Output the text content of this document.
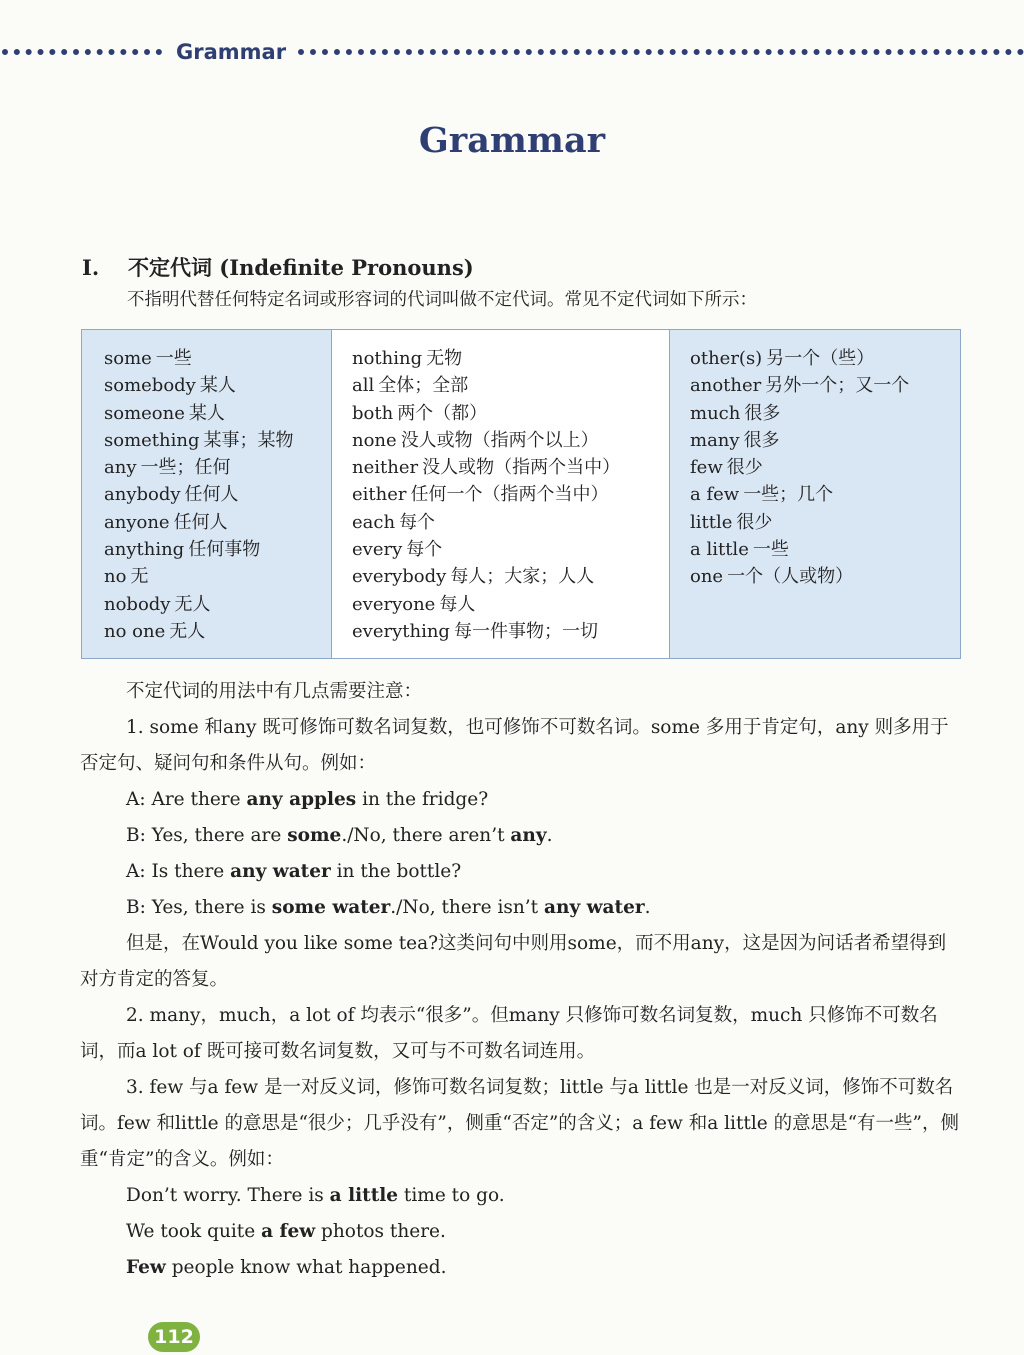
Grammar
Grammar
I. 不定代词 (Indefinite Pronouns)

不指明代替任何特定名词或形容词的代词叫做不定代词。常见不定代词如下所示：

some 一些
somebody 某人
someone 某人
something 某事；某物
any 一些；任何
anybody 任何人
anyone 任何人
anything 任何事物
no 无
nobody 无人
no one 无人
nothing 无物
all 全体；全部
both 两个（都）
none 没人或物（指两个以上）
neither 没人或物（指两个当中）
either 任何一个（指两个当中）
each 每个
every 每个
everybody 每人；大家；人人
everyone 每人
everything 每一件事物；一切
other(s) 另一个（些）
another 另外一个；又一个
much 很多
many 很多
few 很少
a few 一些；几个
little 很少
a little 一些
one 一个（人或物）

不定代词的用法中有几点需要注意：

1. some 和any 既可修饰可数名词复数，也可修饰不可数名词。some 多用于肯定句，any 则多用于否定句、疑问句和条件从句。例如：

A: Are there any apples in the fridge?

B: Yes, there are some./No, there aren’t any.

A: Is there any water in the bottle?

B: Yes, there is some water./No, there isn’t any water.

但是，在Would you like some tea?这类问句中则用some，而不用any，这是因为问话者希望得到对方肯定的答复。

2. many，much，a lot of 均表示“很多”。但many 只修饰可数名词复数，much 只修饰不可数名词，而a lot of 既可接可数名词复数，又可与不可数名词连用。

3. few 与a few 是一对反义词，修饰可数名词复数；little 与a little 也是一对反义词，修饰不可数名词。few 和little 的意思是“很少；几乎没有”，侧重“否定”的含义；a few 和a little 的意思是“有一些”，侧重“肯定”的含义。例如：

Don’t worry. There is a little time to go.

We took quite a few photos there.

Few people know what happened.

112
